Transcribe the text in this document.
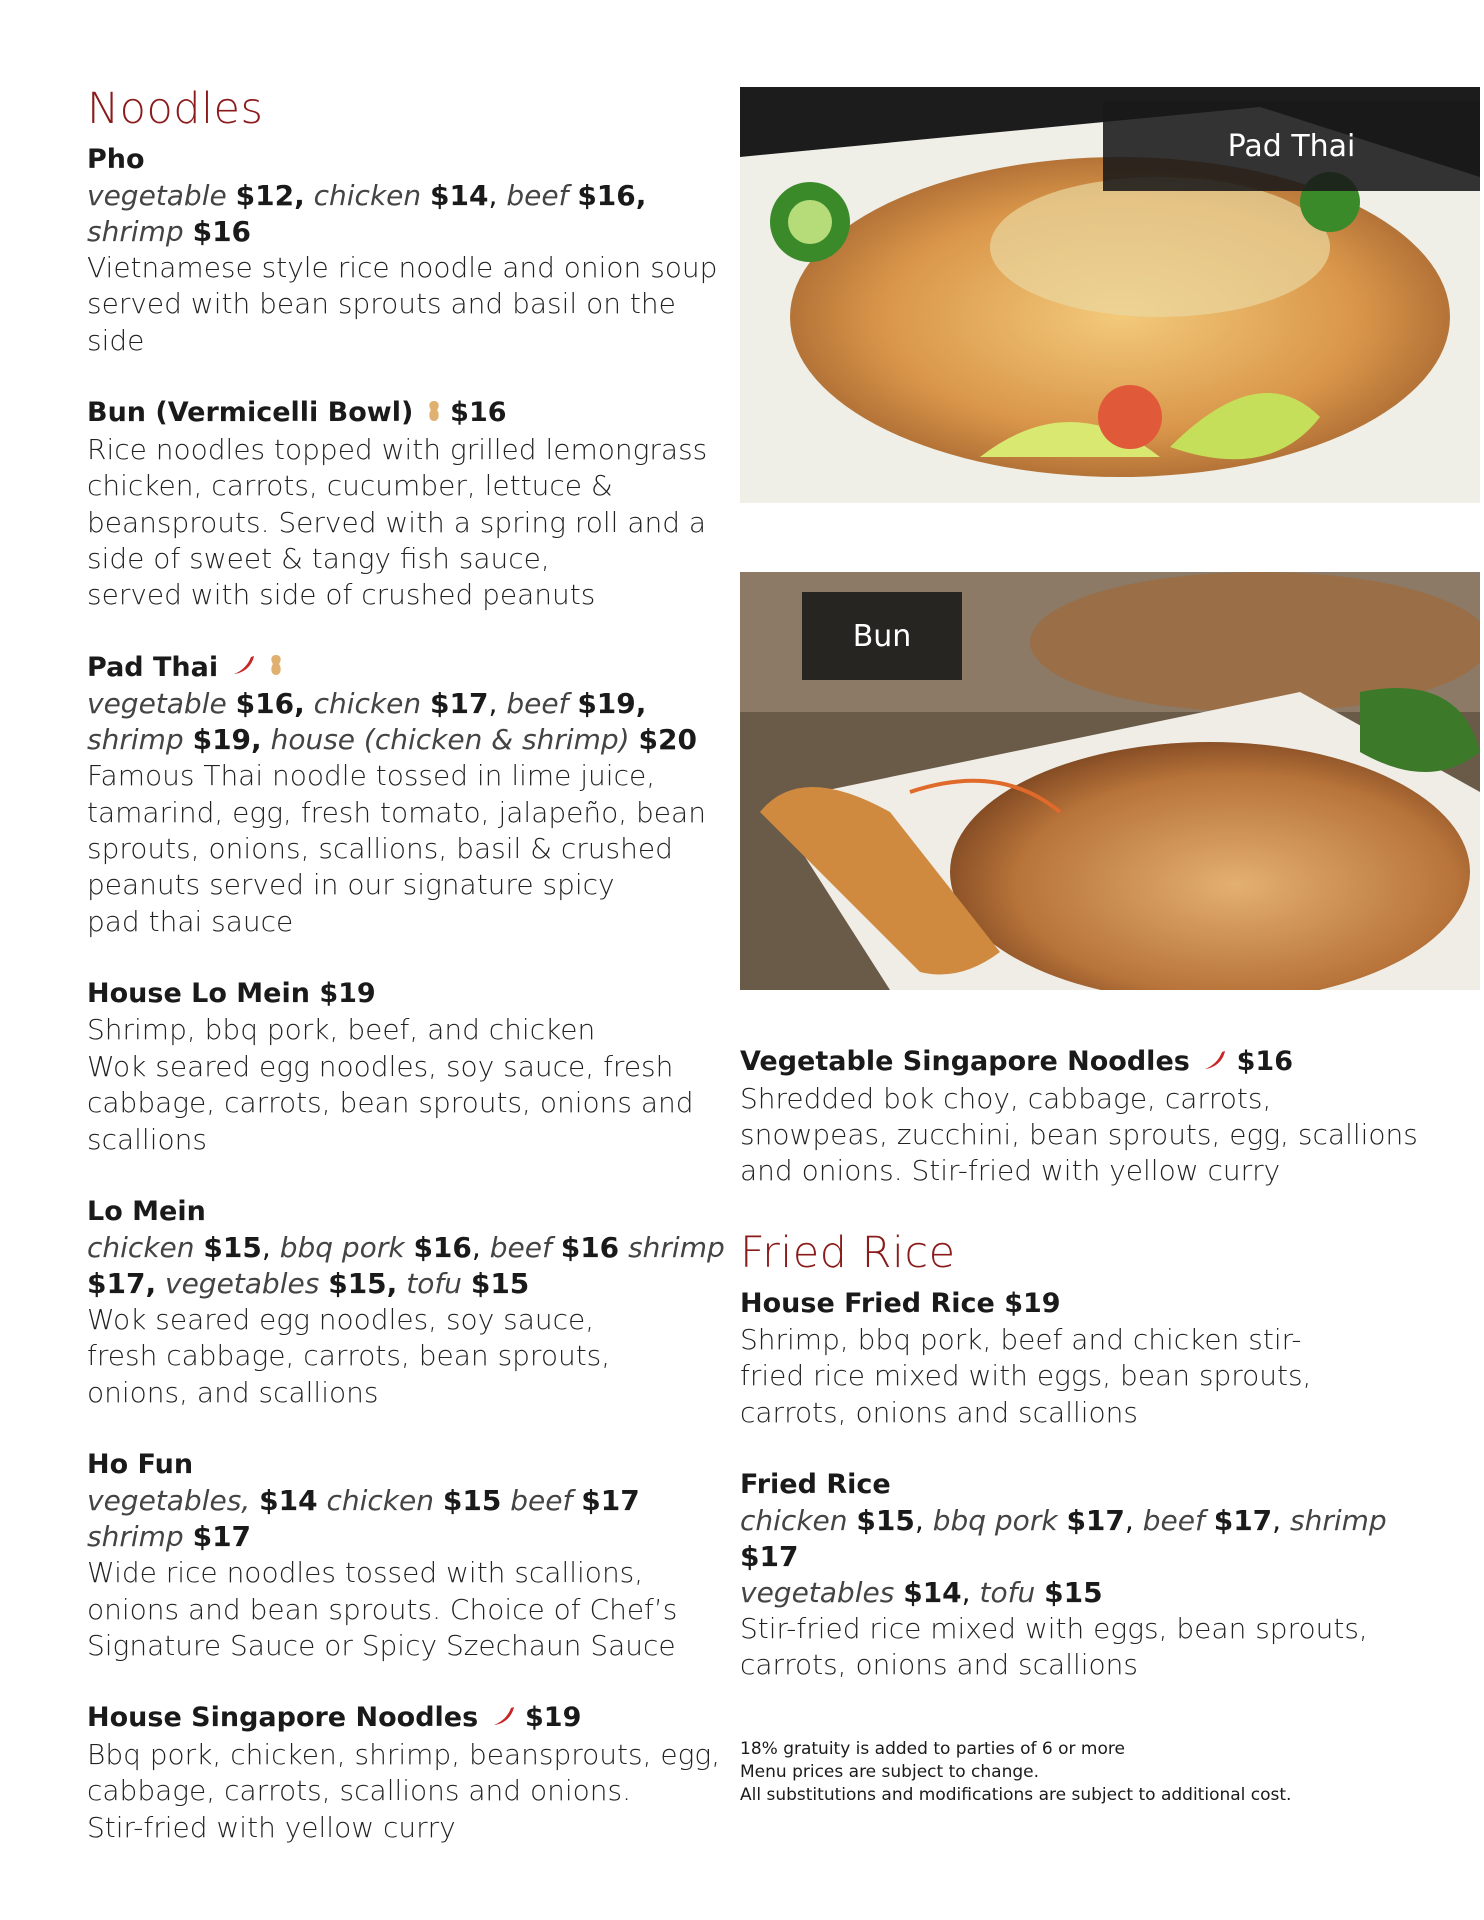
Noodles
Pho
vegetable $12, chicken $14, beef $16,
shrimp $16
Vietnamese style rice noodle and onion soup
served with bean sprouts and basil on the side
Bun (Vermicelli Bowl) $16
Rice noodles topped with grilled lemongrass
chicken, carrots, cucumber, lettuce &
beansprouts. Served with a spring roll and a
side of sweet & tangy fish sauce,
served with side of crushed peanuts
Pad Thai
vegetable $16, chicken $17, beef $19,
shrimp $19, house (chicken & shrimp) $20
Famous Thai noodle tossed in lime juice,
tamarind, egg, fresh tomato, jalapeño, bean
sprouts, onions, scallions, basil & crushed
peanuts served in our signature spicy
pad thai sauce
House Lo Mein $19
Shrimp, bbq pork, beef, and chicken
Wok seared egg noodles, soy sauce, fresh
cabbage, carrots, bean sprouts, onions and
scallions
Lo Mein
chicken $15, bbq pork $16, beef $16 shrimp
$17, vegetables $15, tofu $15
Wok seared egg noodles, soy sauce,
fresh cabbage, carrots, bean sprouts,
onions, and scallions
Ho Fun
vegetables, $14 chicken $15 beef $17
shrimp $17
Wide rice noodles tossed with scallions,
onions and bean sprouts. Choice of Chef’s
Signature Sauce or Spicy Szechaun Sauce
House Singapore Noodles $19
Bbq pork, chicken, shrimp, beansprouts, egg,
cabbage, carrots, scallions and onions.
Stir-fried with yellow curry
Pad Thai
Bun
Vegetable Singapore Noodles $16
Shredded bok choy, cabbage, carrots,
snowpeas, zucchini, bean sprouts, egg, scallions
and onions. Stir-fried with yellow curry
Fried Rice
House Fried Rice $19
Shrimp, bbq pork, beef and chicken stir-
fried rice mixed with eggs, bean sprouts,
carrots, onions and scallions
Fried Rice
chicken $15, bbq pork $17, beef $17, shrimp $17
vegetables $14, tofu $15
Stir-fried rice mixed with eggs, bean sprouts,
carrots, onions and scallions
18% gratuity is added to parties of 6 or more
Menu prices are subject to change.
All substitutions and modifications are subject to additional cost.
